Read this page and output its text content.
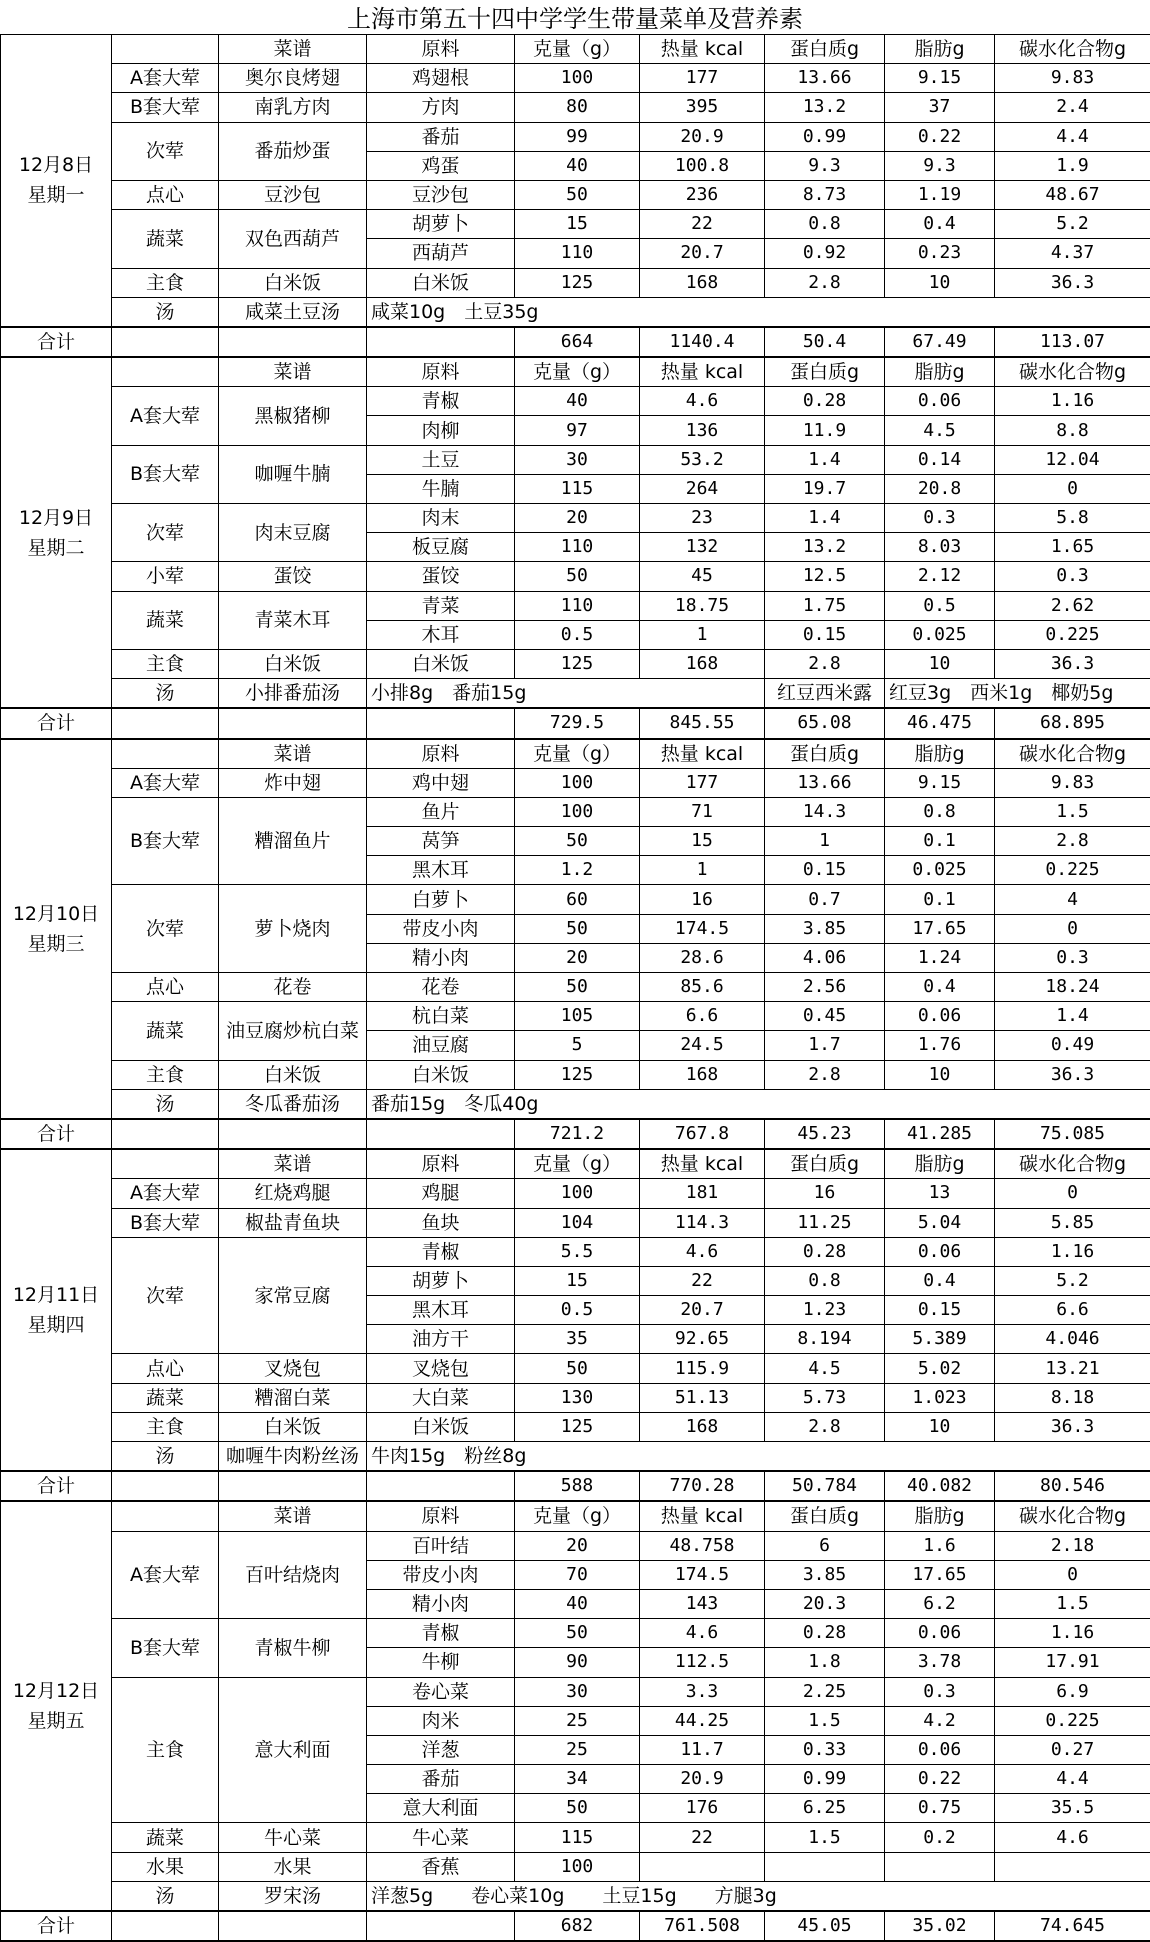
上海市第五十四中学学生带量菜单及营养素
12月8日
星期一		菜谱	原料	克量（g）	热量 kcal	蛋白质g	脂肪g	碳水化合物g
	A套大荤	奥尔良烤翅	鸡翅根	100	177	13.66	9.15	9.83
	B套大荤	南乳方肉	方肉	80	395	13.2	37	2.4
	次荤	番茄炒蛋	番茄	99	20.9	0.99	0.22	4.4
			鸡蛋	40	100.8	9.3	9.3	1.9
	点心	豆沙包	豆沙包	50	236	8.73	1.19	48.67
	蔬菜	双色西葫芦	胡萝卜	15	22	0.8	0.4	5.2
			西葫芦	110	20.7	0.92	0.23	4.37
	主食	白米饭	白米饭	125	168	2.8	10	36.3
	汤	咸菜土豆汤	咸菜10g　土豆35g					
合计				664	1140.4	50.4	67.49	113.07

12月9日
星期二		菜谱	原料	克量（g）	热量 kcal	蛋白质g	脂肪g	碳水化合物g
	A套大荤	黑椒猪柳	青椒	40	4.6	0.28	0.06	1.16
			肉柳	97	136	11.9	4.5	8.8
	B套大荤	咖喱牛腩	土豆	30	53.2	1.4	0.14	12.04
			牛腩	115	264	19.7	20.8	0
	次荤	肉末豆腐	肉末	20	23	1.4	0.3	5.8
			板豆腐	110	132	13.2	8.03	1.65
	小荤	蛋饺	蛋饺	50	45	12.5	2.12	0.3
	蔬菜	青菜木耳	青菜	110	18.75	1.75	0.5	2.62
			木耳	0.5	1	0.15	0.025	0.225
	主食	白米饭	白米饭	125	168	2.8	10	36.3
	汤	小排番茄汤	小排8g　番茄15g			红豆西米露	红豆3g　西米1g　椰奶5g	
合计				729.5	845.55	65.08	46.475	68.895

12月10日
星期三		菜谱	原料	克量（g）	热量 kcal	蛋白质g	脂肪g	碳水化合物g
	A套大荤	炸中翅	鸡中翅	100	177	13.66	9.15	9.83
	B套大荤	糟溜鱼片	鱼片	100	71	14.3	0.8	1.5
			莴笋	50	15	1	0.1	2.8
			黑木耳	1.2	1	0.15	0.025	0.225
	次荤	萝卜烧肉	白萝卜	60	16	0.7	0.1	4
			带皮小肉	50	174.5	3.85	17.65	0
			精小肉	20	28.6	4.06	1.24	0.3
	点心	花卷	花卷	50	85.6	2.56	0.4	18.24
	蔬菜	油豆腐炒杭白菜	杭白菜	105	6.6	0.45	0.06	1.4
			油豆腐	5	24.5	1.7	1.76	0.49
	主食	白米饭	白米饭	125	168	2.8	10	36.3
	汤	冬瓜番茄汤	番茄15g　冬瓜40g					
合计				721.2	767.8	45.23	41.285	75.085

12月11日
星期四		菜谱	原料	克量（g）	热量 kcal	蛋白质g	脂肪g	碳水化合物g
	A套大荤	红烧鸡腿	鸡腿	100	181	16	13	0
	B套大荤	椒盐青鱼块	鱼块	104	114.3	11.25	5.04	5.85
	次荤	家常豆腐	青椒	5.5	4.6	0.28	0.06	1.16
			胡萝卜	15	22	0.8	0.4	5.2
			黑木耳	0.5	20.7	1.23	0.15	6.6
			油方干	35	92.65	8.194	5.389	4.046
	点心	叉烧包	叉烧包	50	115.9	4.5	5.02	13.21
	蔬菜	糟溜白菜	大白菜	130	51.13	5.73	1.023	8.18
	主食	白米饭	白米饭	125	168	2.8	10	36.3
	汤	咖喱牛肉粉丝汤	牛肉15g　粉丝8g					
合计				588	770.28	50.784	40.082	80.546

12月12日
星期五		菜谱	原料	克量（g）	热量 kcal	蛋白质g	脂肪g	碳水化合物g
	A套大荤	百叶结烧肉	百叶结	20	48.758	6	1.6	2.18
			带皮小肉	70	174.5	3.85	17.65	0
			精小肉	40	143	20.3	6.2	1.5
	B套大荤	青椒牛柳	青椒	50	4.6	0.28	0.06	1.16
			牛柳	90	112.5	1.8	3.78	17.91
	主食	意大利面	卷心菜	30	3.3	2.25	0.3	6.9
			肉米	25	44.25	1.5	4.2	0.225
			洋葱	25	11.7	0.33	0.06	0.27
			番茄	34	20.9	0.99	0.22	4.4
			意大利面	50	176	6.25	0.75	35.5
	蔬菜	牛心菜	牛心菜	115	22	1.5	0.2	4.6
	水果	水果	香蕉	100				
	汤	罗宋汤	洋葱5g　　卷心菜10g　　土豆15g　　方腿3g					
合计				682	761.508	45.05	35.02	74.645
